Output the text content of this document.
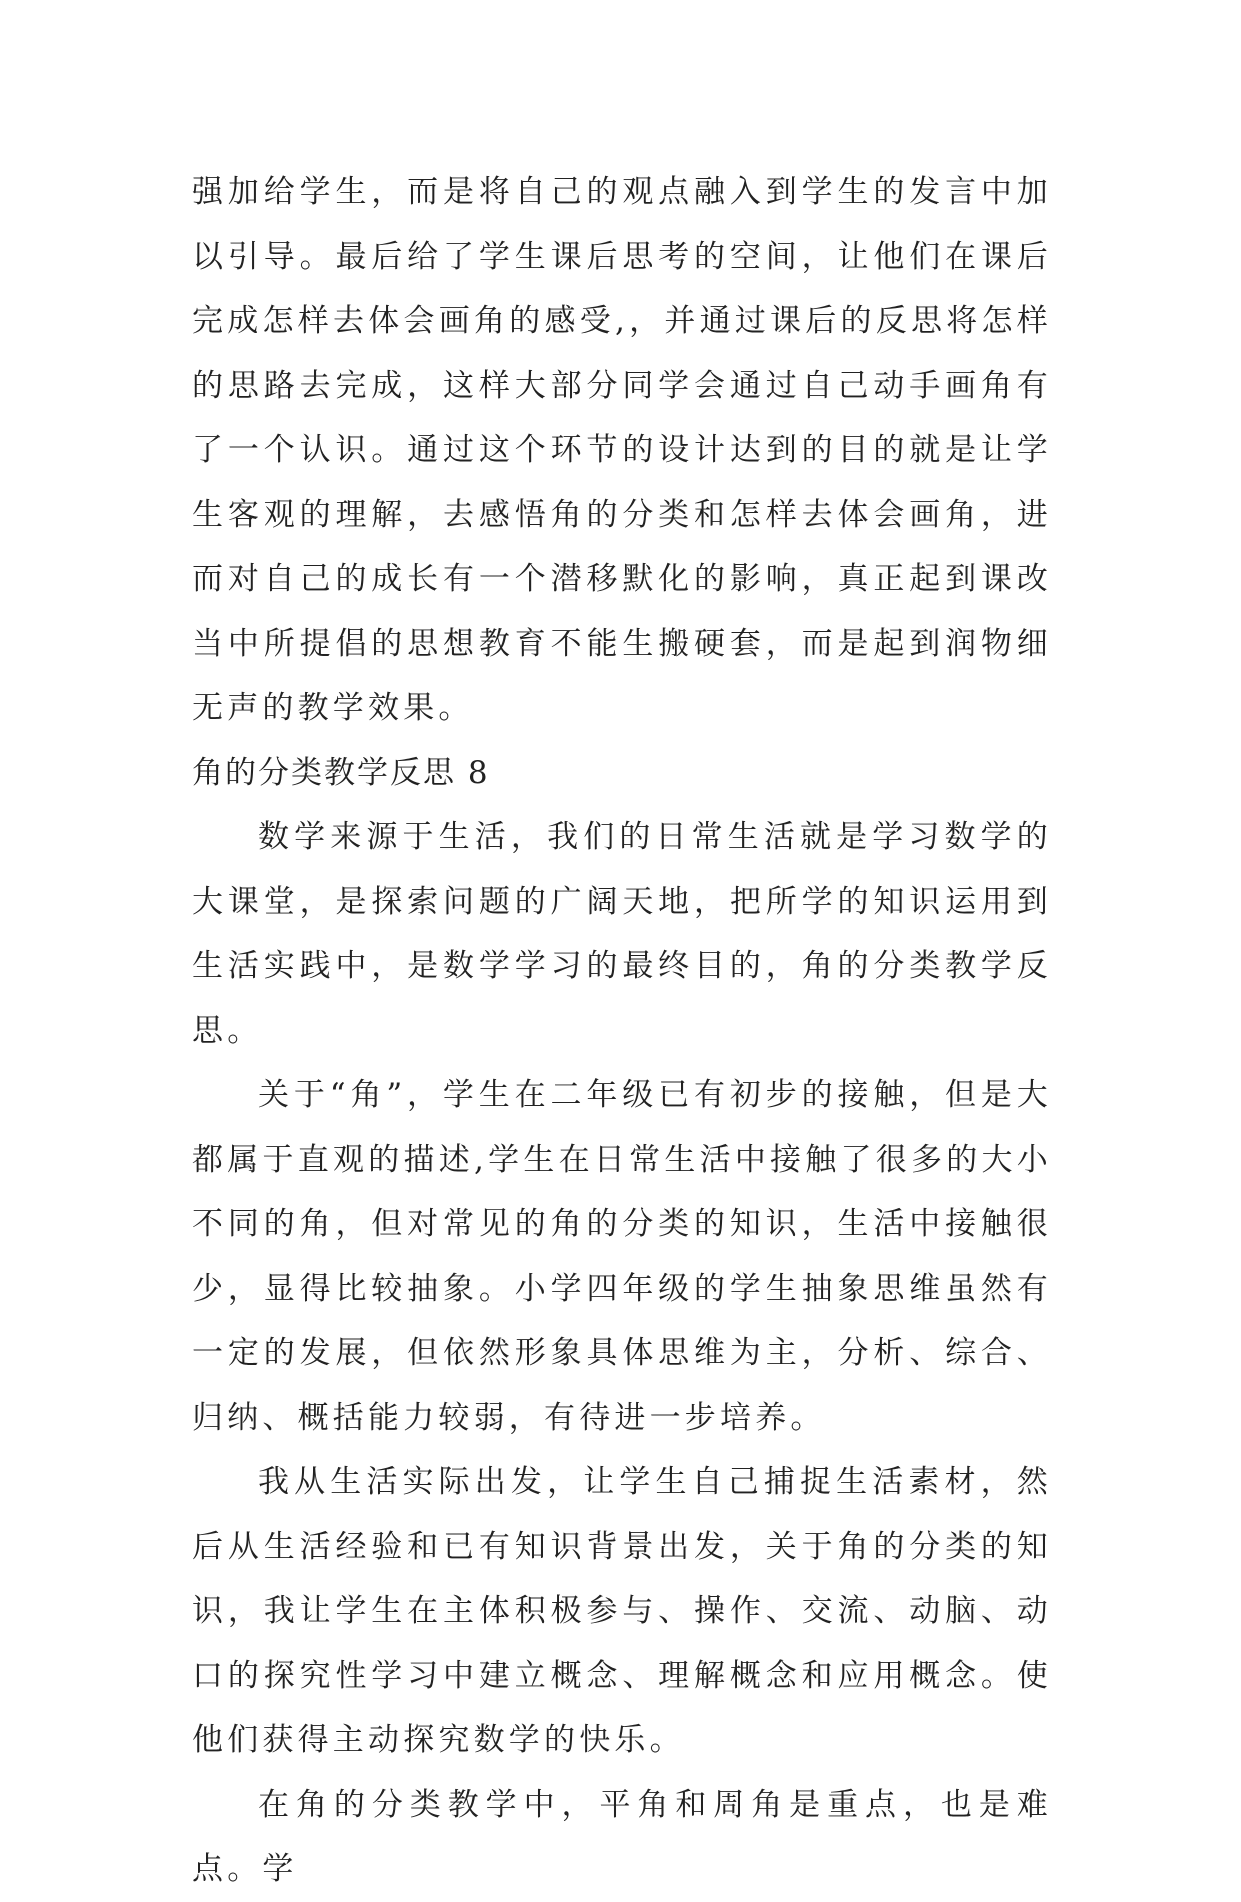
强加给学生，而是将自己的观点融入到学生的发言中加以引导。最后给了学生课后思考的空间，让他们在课后完成怎样去体会画角的感受,，并通过课后的反思将怎样的思路去完成，这样大部分同学会通过自己动手画角有了一个认识。通过这个环节的设计达到的目的就是让学生客观的理解，去感悟角的分类和怎样去体会画角，进而对自己的成长有一个潜移默化的影响，真正起到课改当中所提倡的思想教育不能生搬硬套，而是起到润物细无声的教学效果。

角的分类教学反思 8

数学来源于生活，我们的日常生活就是学习数学的大课堂，是探索问题的广阔天地，把所学的知识运用到生活实践中，是数学学习的最终目的，角的分类教学反思。

关于“角”，学生在二年级已有初步的接触，但是大都属于直观的描述,学生在日常生活中接触了很多的大小不同的角，但对常见的角的分类的知识，生活中接触很少，显得比较抽象。小学四年级的学生抽象思维虽然有一定的发展，但依然形象具体思维为主，分析、综合、归纳、概括能力较弱，有待进一步培养。

我从生活实际出发，让学生自己捕捉生活素材，然后从生活经验和已有知识背景出发，关于角的分类的知识，我让学生在主体积极参与、操作、交流、动脑、动口的探究性学习中建立概念、理解概念和应用概念。使他们获得主动探究数学的快乐。

在角的分类教学中，平角和周角是重点，也是难点。学
